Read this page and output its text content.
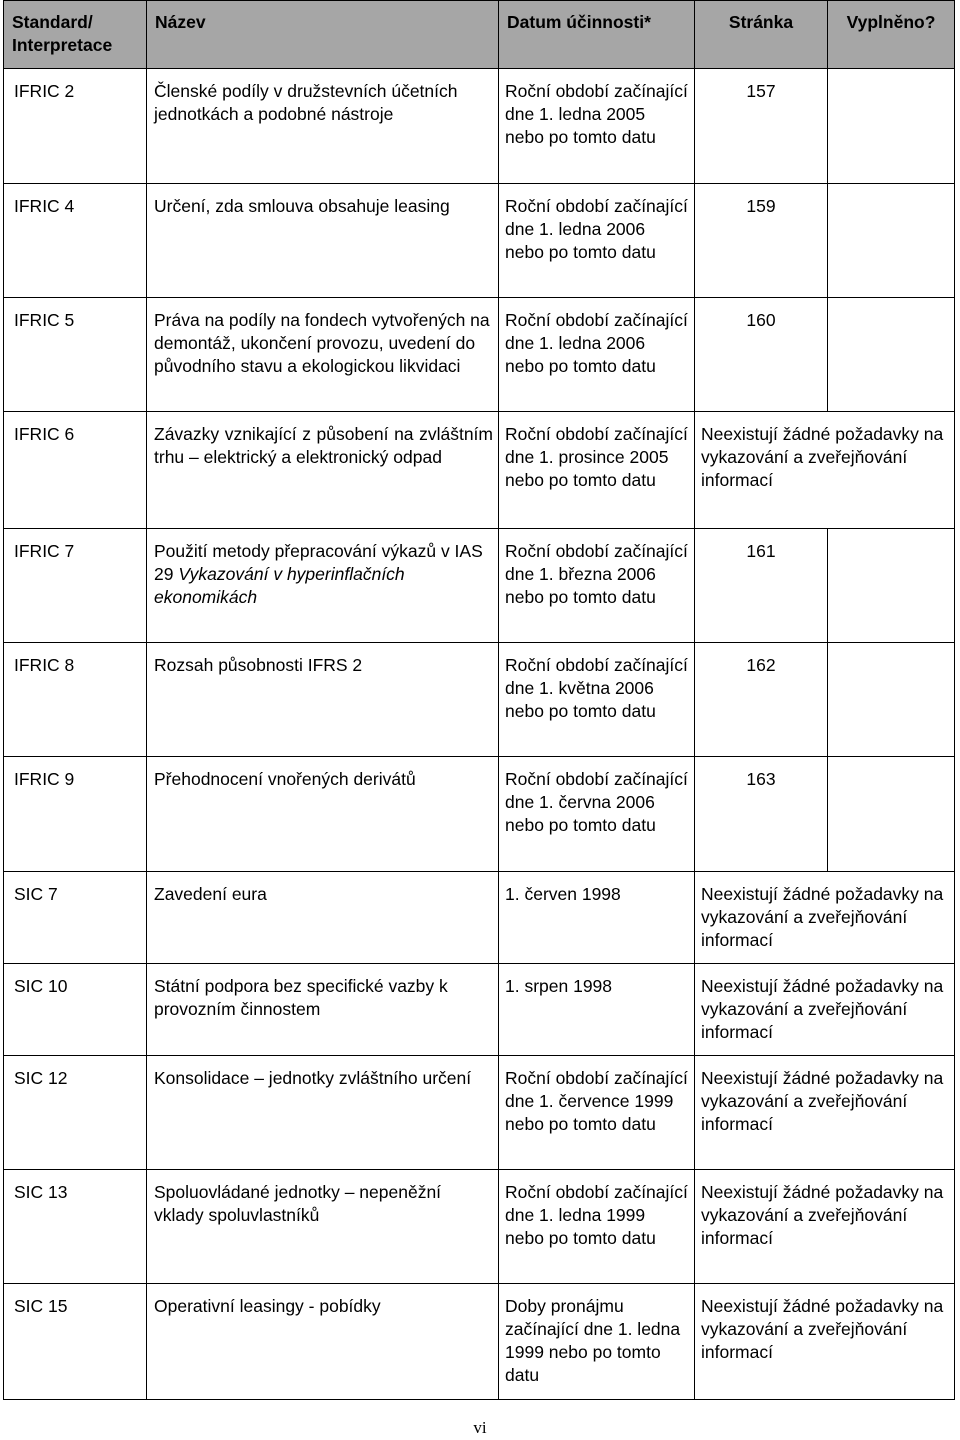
Standard/ Interpretace	Název	Datum účinnosti*	Stránka	Vyplněno?
IFRIC 2	Členské podíly v družstevních účetních jednotkách a podobné nástroje	Roční období začínající dne 1. ledna 2005 nebo po tomto datu	157	
IFRIC 4	Určení, zda smlouva obsahuje leasing	Roční období začínající dne 1. ledna 2006 nebo po tomto datu	159	
IFRIC 5	Práva na podíly na fondech vytvořených na demontáž, ukončení provozu, uvedení do původního stavu a ekologickou likvidaci	Roční období začínající dne 1. ledna 2006 nebo po tomto datu	160	
IFRIC 6	Závazky vznikající z působení na zvláštním trhu – elektrický a elektronický odpad	Roční období začínající dne 1. prosince 2005 nebo po tomto datu	Neexistují žádné požadavky na vykazování a zveřejňování informací	
IFRIC 7	Použití metody přepracování výkazů v IAS 29 Vykazování v hyperinflačních ekonomikách	Roční období začínající dne 1. března 2006 nebo po tomto datu	161	
IFRIC 8	Rozsah působnosti IFRS 2	Roční období začínající dne 1. května 2006 nebo po tomto datu	162	
IFRIC 9	Přehodnocení vnořených derivátů	Roční období začínající dne 1. června 2006 nebo po tomto datu	163	
SIC 7	Zavedení eura	1. červen 1998	Neexistují žádné požadavky na vykazování a zveřejňování informací	
SIC 10	Státní podpora bez specifické vazby k provozním činnostem	1. srpen 1998	Neexistují žádné požadavky na vykazování a zveřejňování informací	
SIC 12	Konsolidace – jednotky zvláštního určení	Roční období začínající dne 1. července 1999 nebo po tomto datu	Neexistují žádné požadavky na vykazování a zveřejňování informací	
SIC 13	Spoluovládané jednotky – nepeněžní vklady spoluvlastníků	Roční období začínající dne 1. ledna 1999 nebo po tomto datu	Neexistují žádné požadavky na vykazování a zveřejňování informací	
SIC 15	Operativní leasingy - pobídky	Doby pronájmu začínající dne 1. ledna 1999 nebo po tomto datu	Neexistují žádné požadavky na vykazování a zveřejňování informací	
vi
